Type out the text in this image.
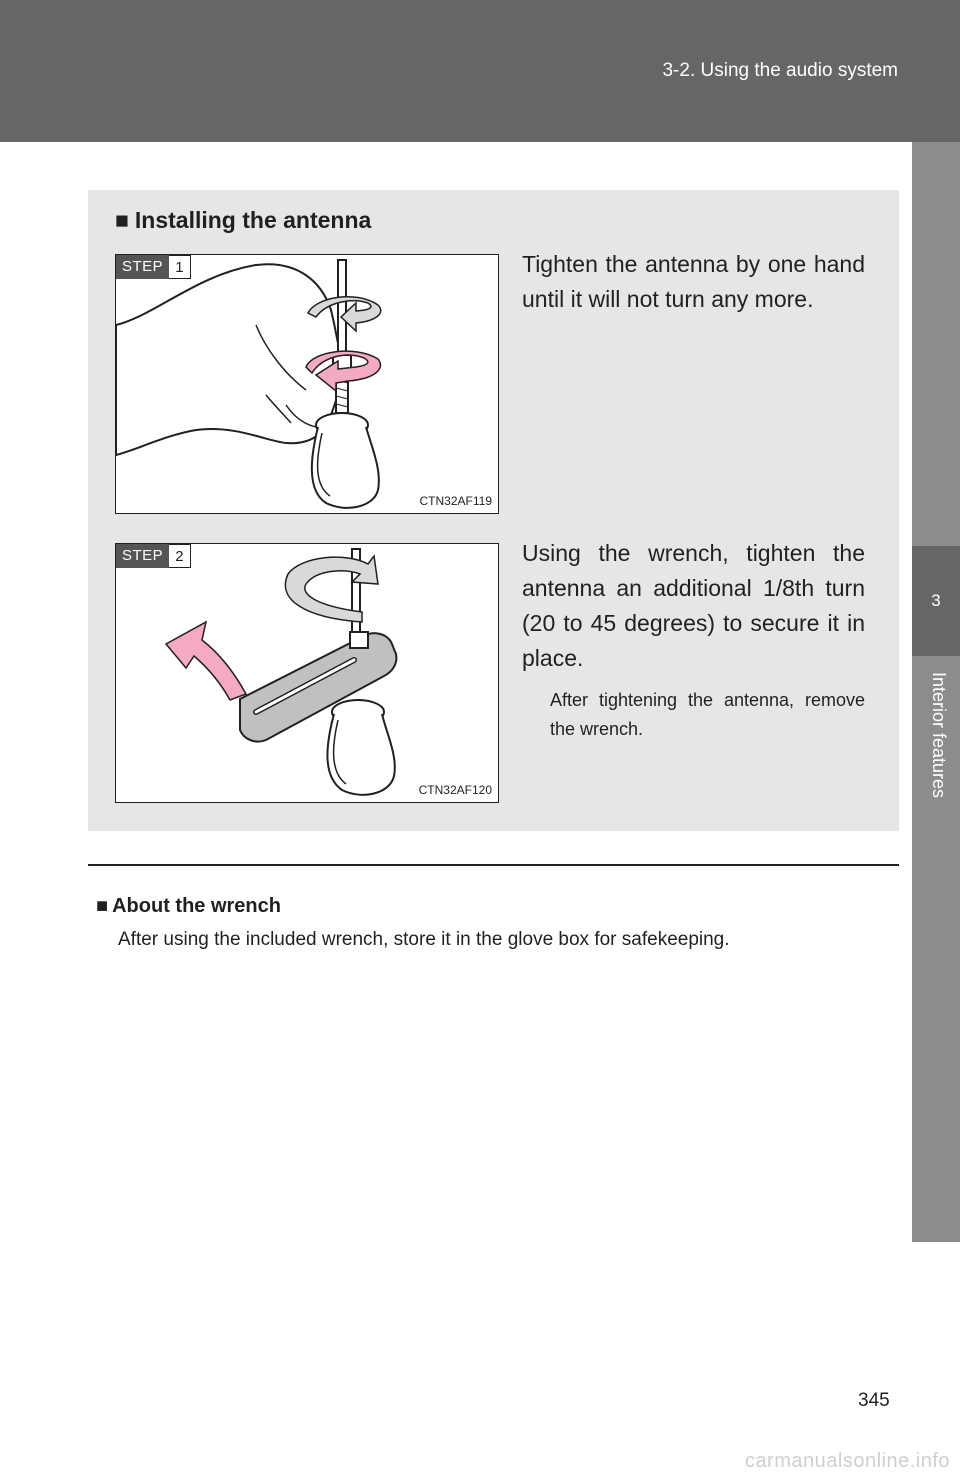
3-2. Using the audio system
3
Interior features
■ Installing the antenna
STEP 1
CTN32AF119
Tighten the antenna by one hand until it will not turn any more.
STEP 2
CTN32AF120
Using the wrench, tighten the antenna an additional 1/8th turn (20 to 45 degrees) to secure it in place.
After tightening the antenna, remove the wrench.
■ About the wrench
After using the included wrench, store it in the glove box for safekeeping.
345
carmanualsonline.info
